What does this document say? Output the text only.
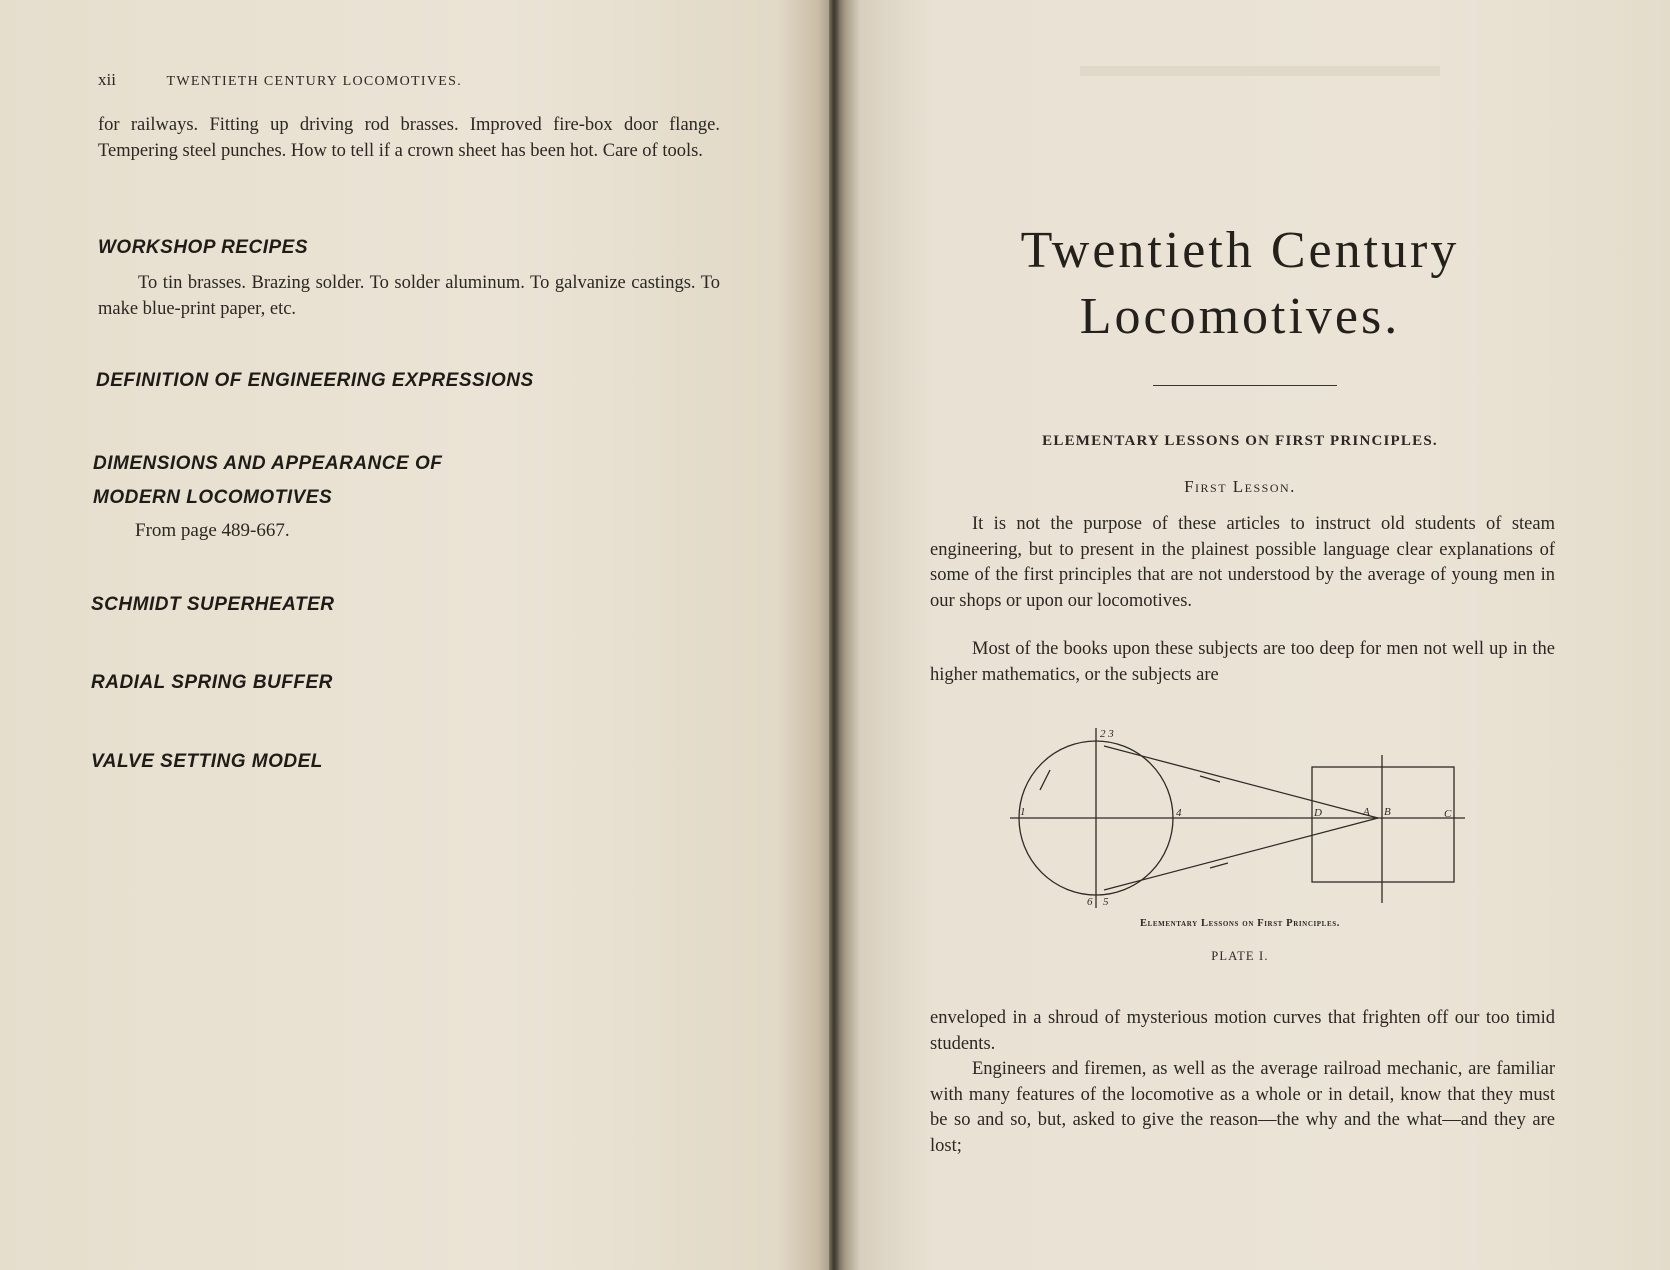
xii	TWENTIETH CENTURY LOCOMOTIVES.
for railways. Fitting up driving rod brasses. Improved fire-box door flange. Tempering steel punches. How to tell if a crown sheet has been hot. Care of tools.
WORKSHOP RECIPES
To tin brasses. Brazing solder. To solder aluminum. To galvanize castings. To make blue-print paper, etc.
DEFINITION OF ENGINEERING EXPRESSIONS
DIMENSIONS AND APPEARANCE OF
MODERN LOCOMOTIVES
From page 489-667.
SCHMIDT SUPERHEATER
RADIAL SPRING BUFFER
VALVE SETTING MODEL
Twentieth Century
Locomotives.
ELEMENTARY LESSONS ON FIRST PRINCIPLES.
First Lesson.
It is not the purpose of these articles to instruct old students of steam engineering, but to present in the plainest possible language clear explanations of some of the first principles that are not understood by the average of young men in our shops or upon our locomotives.
Most of the books upon these subjects are too deep for men not well up in the higher mathematics, or the subjects are
1
2 3
4
5
6
A B	C
D
Elementary Lessons on First Principles.
PLATE I.
enveloped in a shroud of mysterious motion curves that frighten off our too timid students.
Engineers and firemen, as well as the average railroad mechanic, are familiar with many features of the locomotive as a whole or in detail, know that they must be so and so, but, asked to give the reason—the why and the what—and they are lost;
